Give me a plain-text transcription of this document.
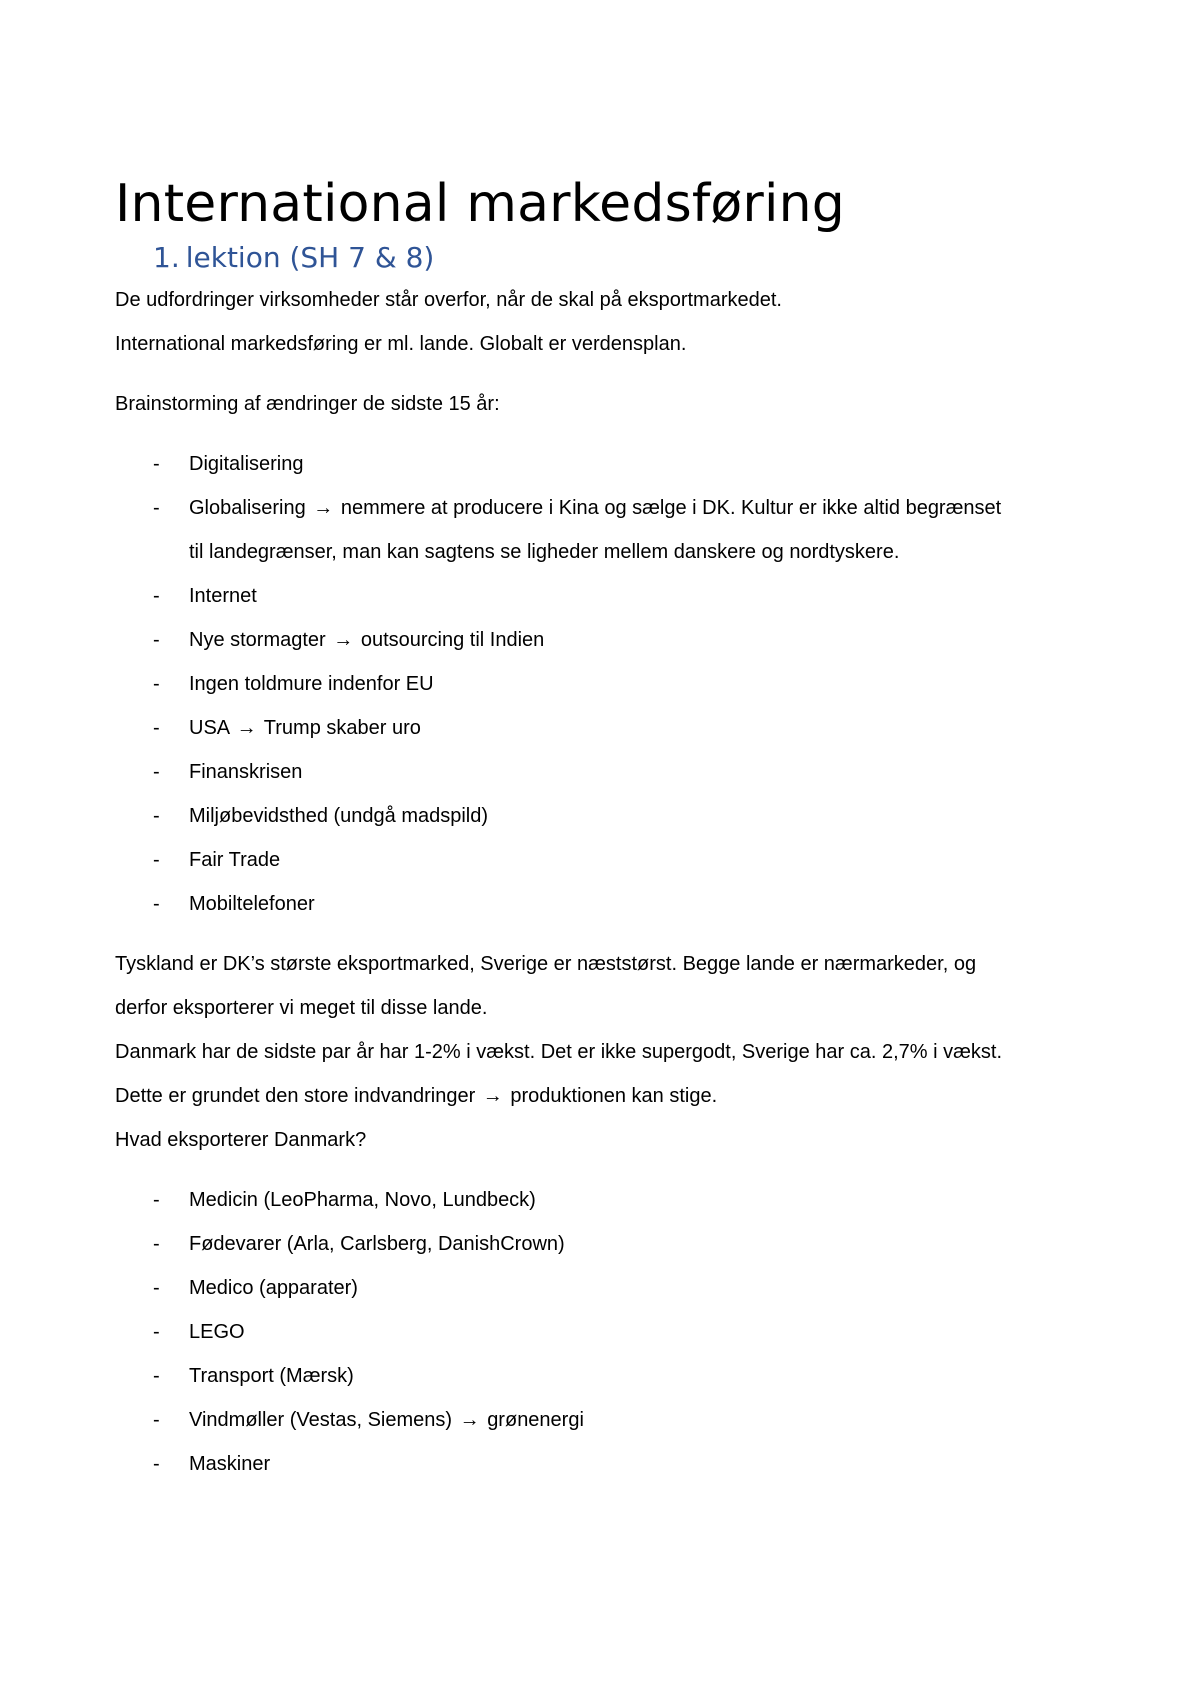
International markedsføring
1. lektion (SH 7 & 8)

De udfordringer virksomheder står overfor, når de skal på eksportmarkedet.
International markedsføring er ml. lande. Globalt er verdensplan.

Brainstorming af ændringer de sidste 15 år:

- Digitalisering
- Globalisering → nemmere at producere i Kina og sælge i DK. Kultur er ikke altid begrænset
til landegrænser, man kan sagtens se ligheder mellem danskere og nordtyskere.
- Internet
- Nye stormagter → outsourcing til Indien
- Ingen toldmure indenfor EU
- USA → Trump skaber uro
- Finanskrisen
- Miljøbevidsthed (undgå madspild)
- Fair Trade
- Mobiltelefoner

Tyskland er DK’s største eksportmarked, Sverige er næststørst. Begge lande er nærmarkeder, og
derfor eksporterer vi meget til disse lande.
Danmark har de sidste par år har 1-2% i vækst. Det er ikke supergodt, Sverige har ca. 2,7% i vækst.
Dette er grundet den store indvandringer → produktionen kan stige.
Hvad eksporterer Danmark?

- Medicin (LeoPharma, Novo, Lundbeck)
- Fødevarer (Arla, Carlsberg, DanishCrown)
- Medico (apparater)
- LEGO
- Transport (Mærsk)
- Vindmøller (Vestas, Siemens) → grønenergi
- Maskiner
